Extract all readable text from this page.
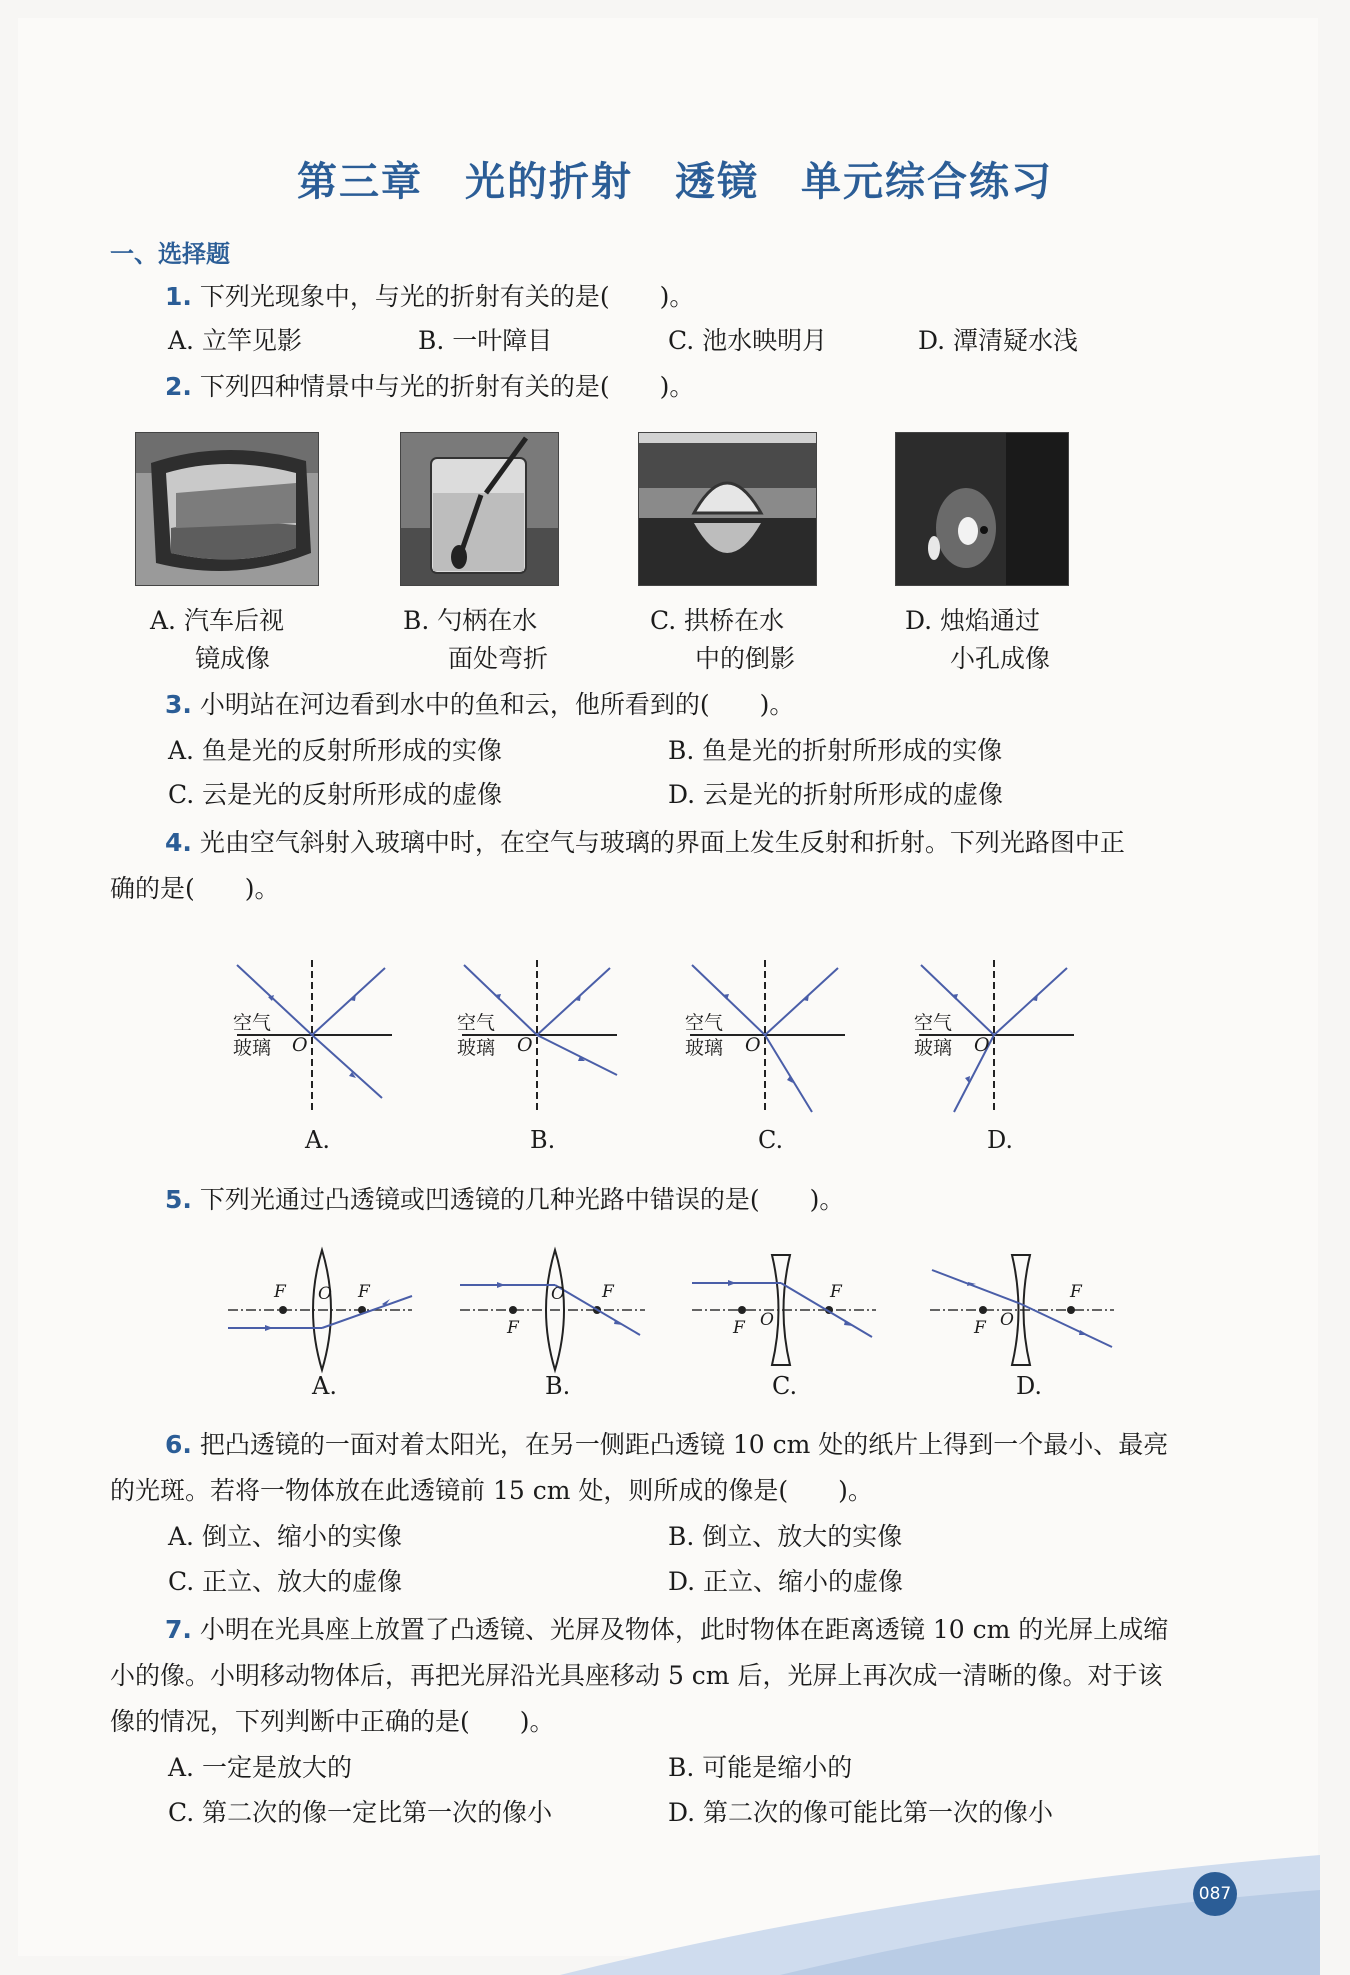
第三章　光的折射　透镜　单元综合练习
一、选择题
1. 下列光现象中，与光的折射有关的是(　　)。
A. 立竿见影	B. 一叶障目	C. 池水映明月	D. 潭清疑水浅
2. 下列四种情景中与光的折射有关的是(　　)。
A. 汽车后视
镜成像
B. 勺柄在水
面处弯折
C. 拱桥在水
中的倒影
D. 烛焰通过
小孔成像
3. 小明站在河边看到水中的鱼和云，他所看到的(　　)。
A. 鱼是光的反射所形成的实像	B. 鱼是光的折射所形成的实像
C. 云是光的反射所形成的虚像	D. 云是光的折射所形成的虚像
4. 光由空气斜射入玻璃中时，在空气与玻璃的界面上发生反射和折射。下列光路图中正
确的是(　　)。
空气
玻璃 O
空气
玻璃 O
空气
玻璃 O
空气
玻璃 O
A.	B.	C.	D.
5. 下列光通过凸透镜或凹透镜的几种光路中错误的是(　　)。
F O F
F
O F
F O
F
F O
F
A.	B.	C.	D.
6. 把凸透镜的一面对着太阳光，在另一侧距凸透镜 10 cm 处的纸片上得到一个最小、最亮
的光斑。若将一物体放在此透镜前 15 cm 处，则所成的像是(　　)。
A. 倒立、缩小的实像	B. 倒立、放大的实像
C. 正立、放大的虚像	D. 正立、缩小的虚像
7. 小明在光具座上放置了凸透镜、光屏及物体，此时物体在距离透镜 10 cm 的光屏上成缩
小的像。小明移动物体后，再把光屏沿光具座移动 5 cm 后，光屏上再次成一清晰的像。对于该
像的情况，下列判断中正确的是(　　)。
A. 一定是放大的	B. 可能是缩小的
C. 第二次的像一定比第一次的像小	D. 第二次的像可能比第一次的像小
087
